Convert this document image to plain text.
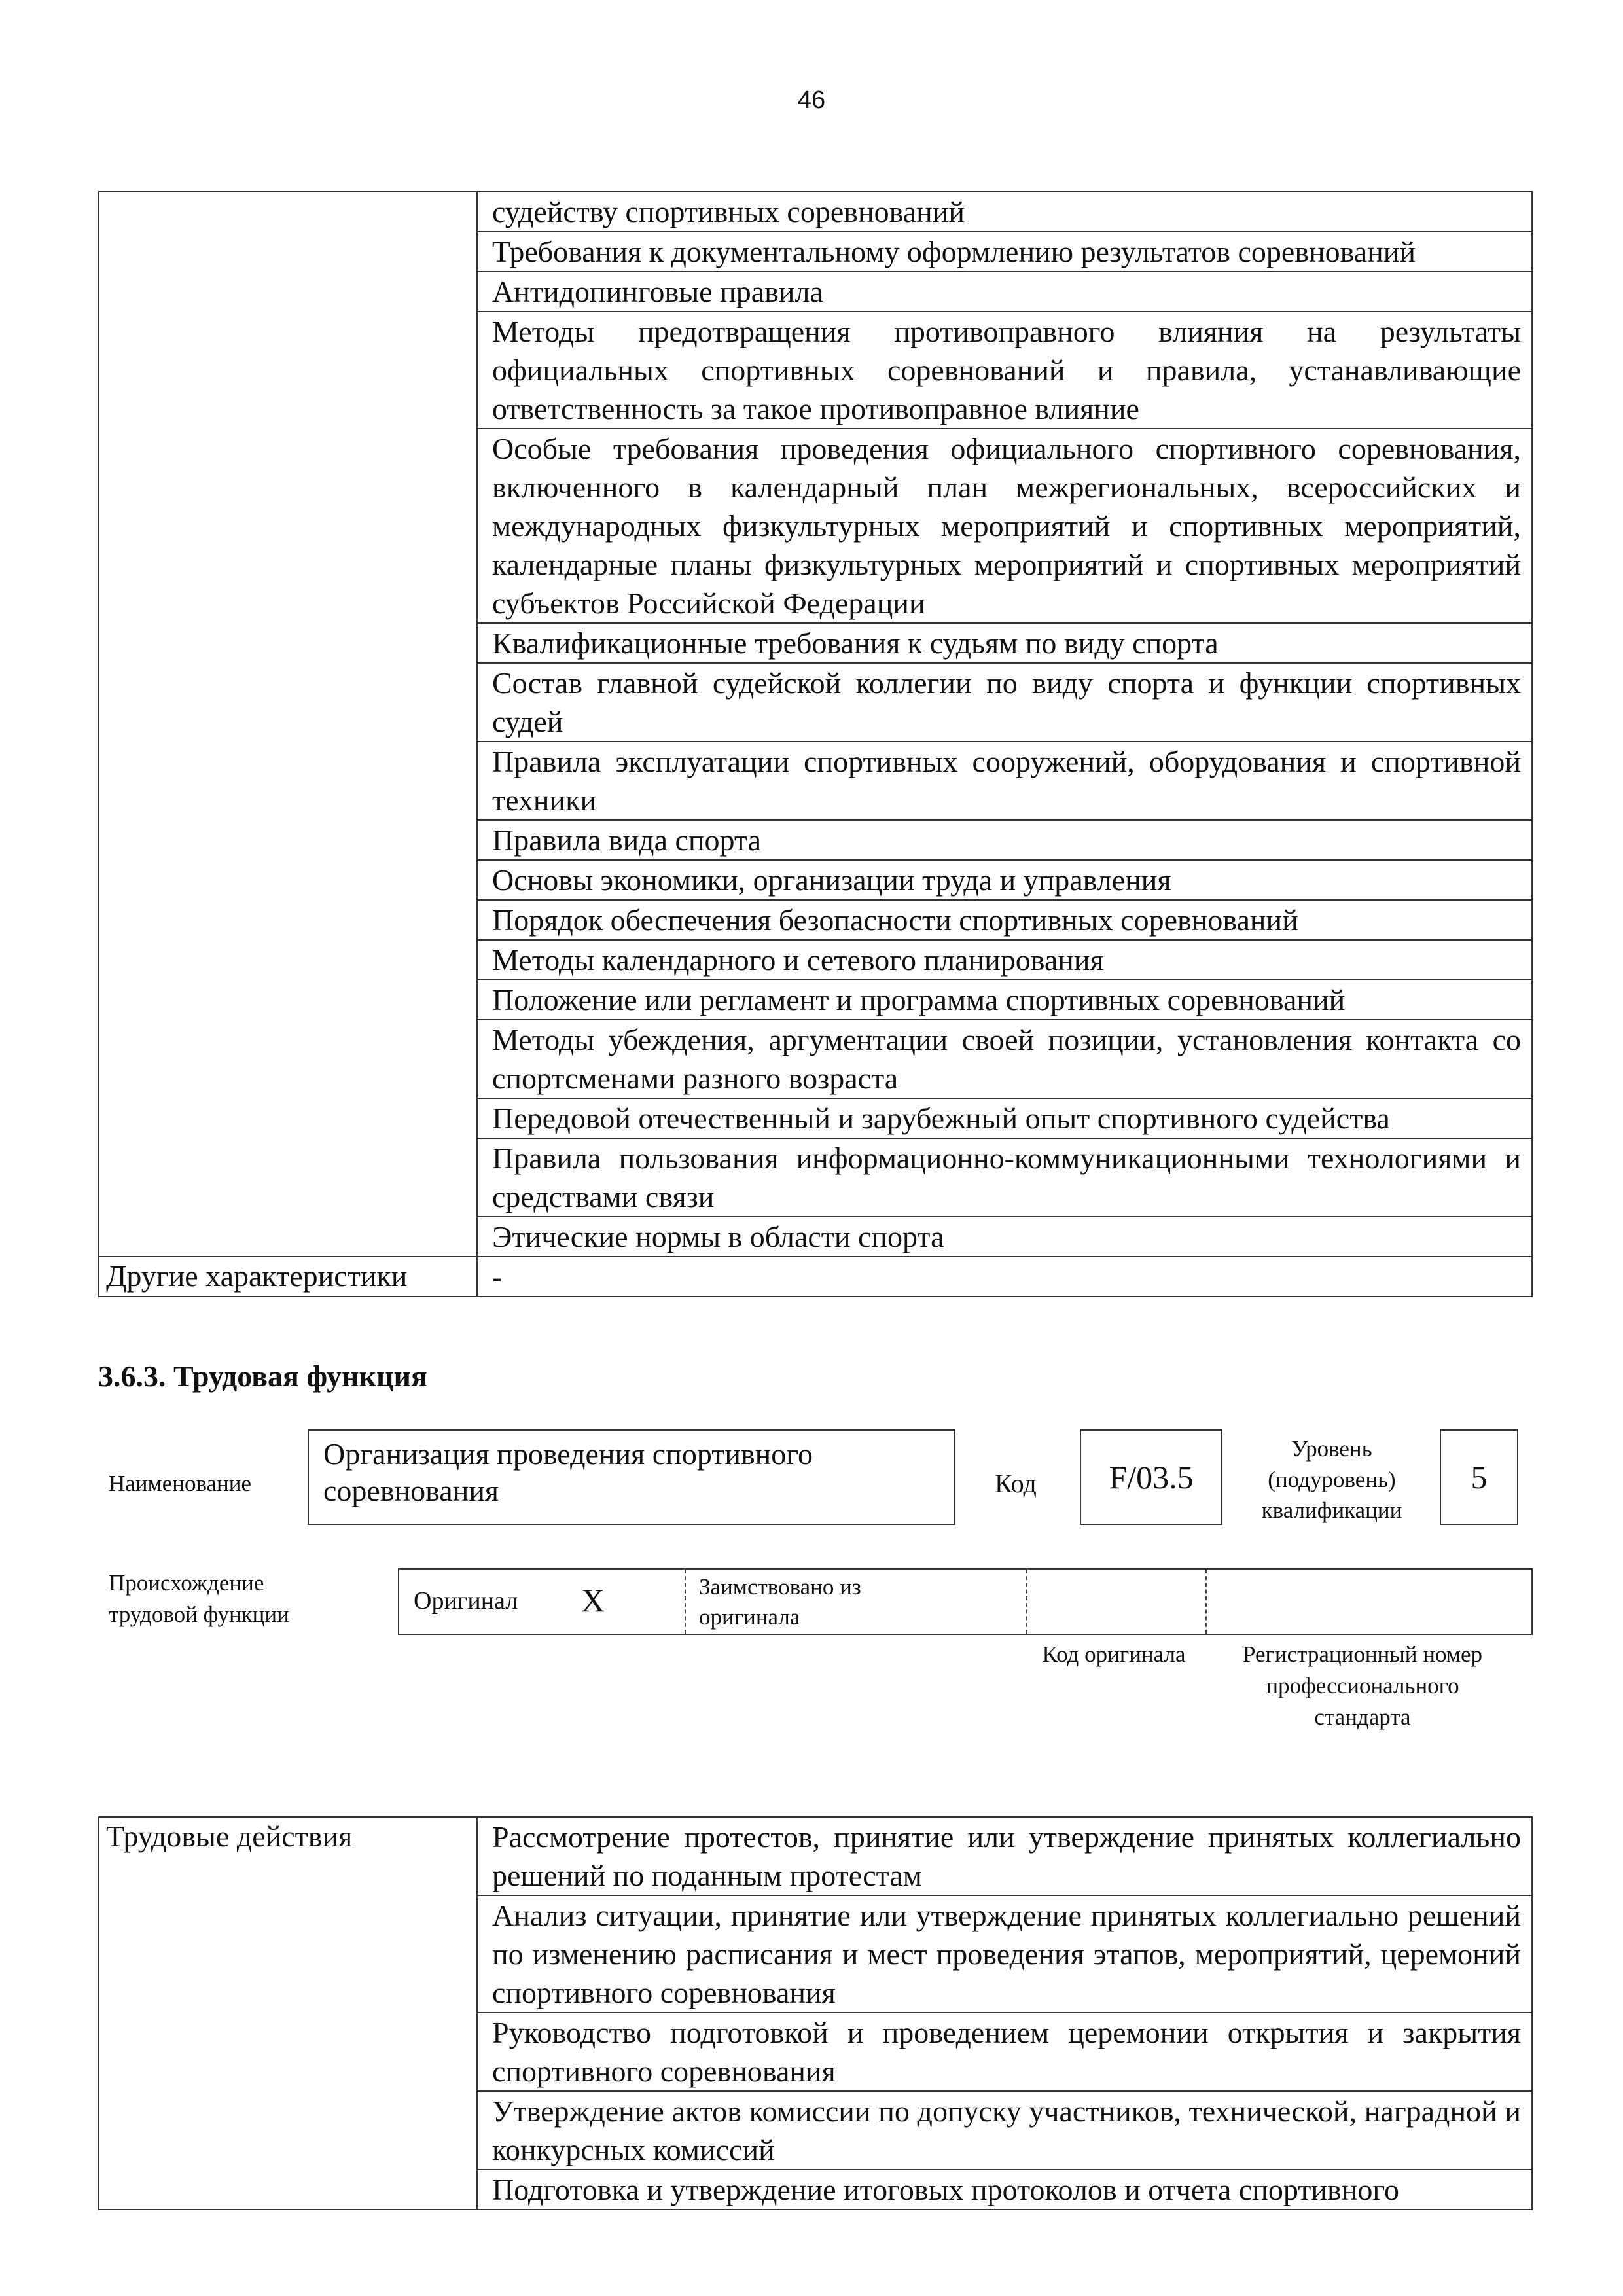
46
	судейству спортивных соревнований
	Требования к документальному оформлению результатов соревнований
	Антидопинговые правила
	Методы предотвращения противоправного влияния на результаты официальных спортивных соревнований и правила, устанавливающие ответственность за такое противоправное влияние
	Особые требования проведения официального спортивного соревнования, включенного в календарный план межрегиональных, всероссийских и международных физкультурных мероприятий и спортивных мероприятий, календарные планы физкультурных мероприятий и спортивных мероприятий субъектов Российской Федерации
	Квалификационные требования к судьям по виду спорта
	Состав главной судейской коллегии по виду спорта и функции спортивных судей
	Правила эксплуатации спортивных сооружений, оборудования и спортивной техники
	Правила вида спорта
	Основы экономики, организации труда и управления
	Порядок обеспечения безопасности спортивных соревнований
	Методы календарного и сетевого планирования
	Положение или регламент и программа спортивных соревнований
	Методы убеждения, аргументации своей позиции, установления контакта со спортсменами разного возраста
	Передовой отечественный и зарубежный опыт спортивного судейства
	Правила пользования информационно-коммуникационными технологиями и средствами связи
	Этические нормы в области спорта
Другие характеристики	-
3.6.3. Трудовая функция
Наименование
Организация проведения спортивного соревнования	Код F/03.5
Уровень (подуровень) квалификации
5
Происхождение трудовой функции	Оригинал X	Заимствовано из оригинала
Код оригинала	Регистрационный номер профессионального стандарта
Трудовые действия	Рассмотрение протестов, принятие или утверждение принятых коллегиально решений по поданным протестам
Анализ ситуации, принятие или утверждение принятых коллегиально решений по изменению расписания и мест проведения этапов, мероприятий, церемоний спортивного соревнования
Руководство подготовкой и проведением церемонии открытия и закрытия спортивного соревнования
Утверждение актов комиссии по допуску участников, технической, наградной и конкурсных комиссий
Подготовка и утверждение итоговых протоколов и отчета спортивного
